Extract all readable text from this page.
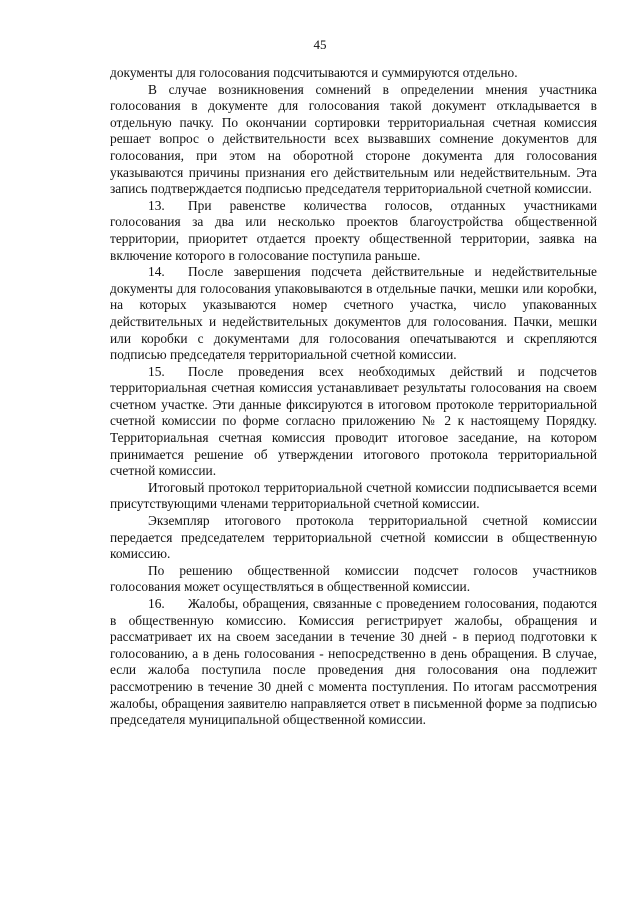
45

документы для голосования подсчитываются и суммируются отдельно.

В случае возникновения сомнений в определении мнения участника голосования в документе для голосования такой документ откладывается в отдельную пачку. По окончании сортировки территориальная счетная комиссия решает вопрос о действительности всех вызвавших сомнение документов для голосования, при этом на оборотной стороне документа для голосования указываются причины признания его действительным или недействительным. Эта запись подтверждается подписью председателя территориальной счетной комиссии.

13. При равенстве количества голосов, отданных участниками голосования за два или несколько проектов благоустройства общественной территории, приоритет отдается проекту общественной территории, заявка на включение которого в голосование поступила раньше.

14. После завершения подсчета действительные и недействительные документы для голосования упаковываются в отдельные пачки, мешки или коробки, на которых указываются номер счетного участка, число упакованных действительных и недействительных документов для голосования. Пачки, мешки или коробки с документами для голосования опечатываются и скрепляются подписью председателя территориальной счетной комиссии.

15. После проведения всех необходимых действий и подсчетов территориальная счетная комиссия устанавливает результаты голосования на своем счетном участке. Эти данные фиксируются в итоговом протоколе территориальной счетной комиссии по форме согласно приложению № 2 к настоящему Порядку. Территориальная счетная комиссия проводит итоговое заседание, на котором принимается решение об утверждении итогового протокола территориальной счетной комиссии.

Итоговый протокол территориальной счетной комиссии подписывается всеми присутствующими членами территориальной счетной комиссии.

Экземпляр итогового протокола территориальной счетной комиссии передается председателем территориальной счетной комиссии в общественную комиссию.

По решению общественной комиссии подсчет голосов участников голосования может осуществляться в общественной комиссии.

16. Жалобы, обращения, связанные с проведением голосования, подаются в общественную комиссию. Комиссия регистрирует жалобы, обращения и рассматривает их на своем заседании в течение 30 дней - в период подготовки к голосованию, а в день голосования - непосредственно в день обращения. В случае, если жалоба поступила после проведения дня голосования она подлежит рассмотрению в течение 30 дней с момента поступления. По итогам рассмотрения жалобы, обращения заявителю направляется ответ в письменной форме за подписью председателя муниципальной общественной комиссии.
